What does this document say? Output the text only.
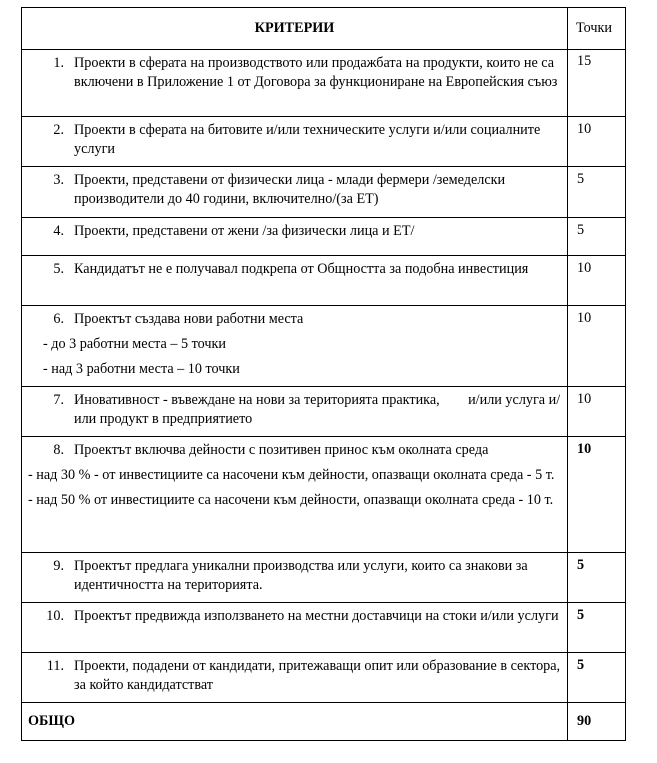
КРИТЕРИИ	Точки

1. Проекти в сферата на производството или продажбата на продукти, които не са включени в Приложение 1 от Договора за функциониране на Европейския съюз	15

2. Проекти в сферата на битовите и/или техническите услуги и/или социалните услуги	10

3. Проекти, представени от физически лица - млади фермери /земеделски производители до 40 години, включително/(за ЕТ)	5

4. Проекти, представени от жени /за физически лица и ЕТ/	5

5. Кандидатът не е получавал подкрепа от Общността за подобна инвестиция	10

6. Проектът създава нови работни места
- до 3 работни места – 5 точки
- над 3 работни места – 10 точки	10

7. Иновативност - въвеждане на нови за територията практика,        и/или услуга и/или продукт в предприятието	10

8. Проектът включва дейности с позитивен принос към околната среда
- над 30 % - от инвестициите са насочени към дейности, опазващи околната среда - 5 т.
- над 50 % от инвестициите са насочени към дейности, опазващи околната среда - 10 т.	10

9. Проектът предлага уникални производства или услуги, които са знакови за идентичността на територията.	5

10. Проектът предвижда използването на местни доставчици на стоки и/или услуги	5

11. Проекти, подадени от кандидати, притежаващи опит или образование в сектора, за който кандидатстват	5
ОБЩО	90
